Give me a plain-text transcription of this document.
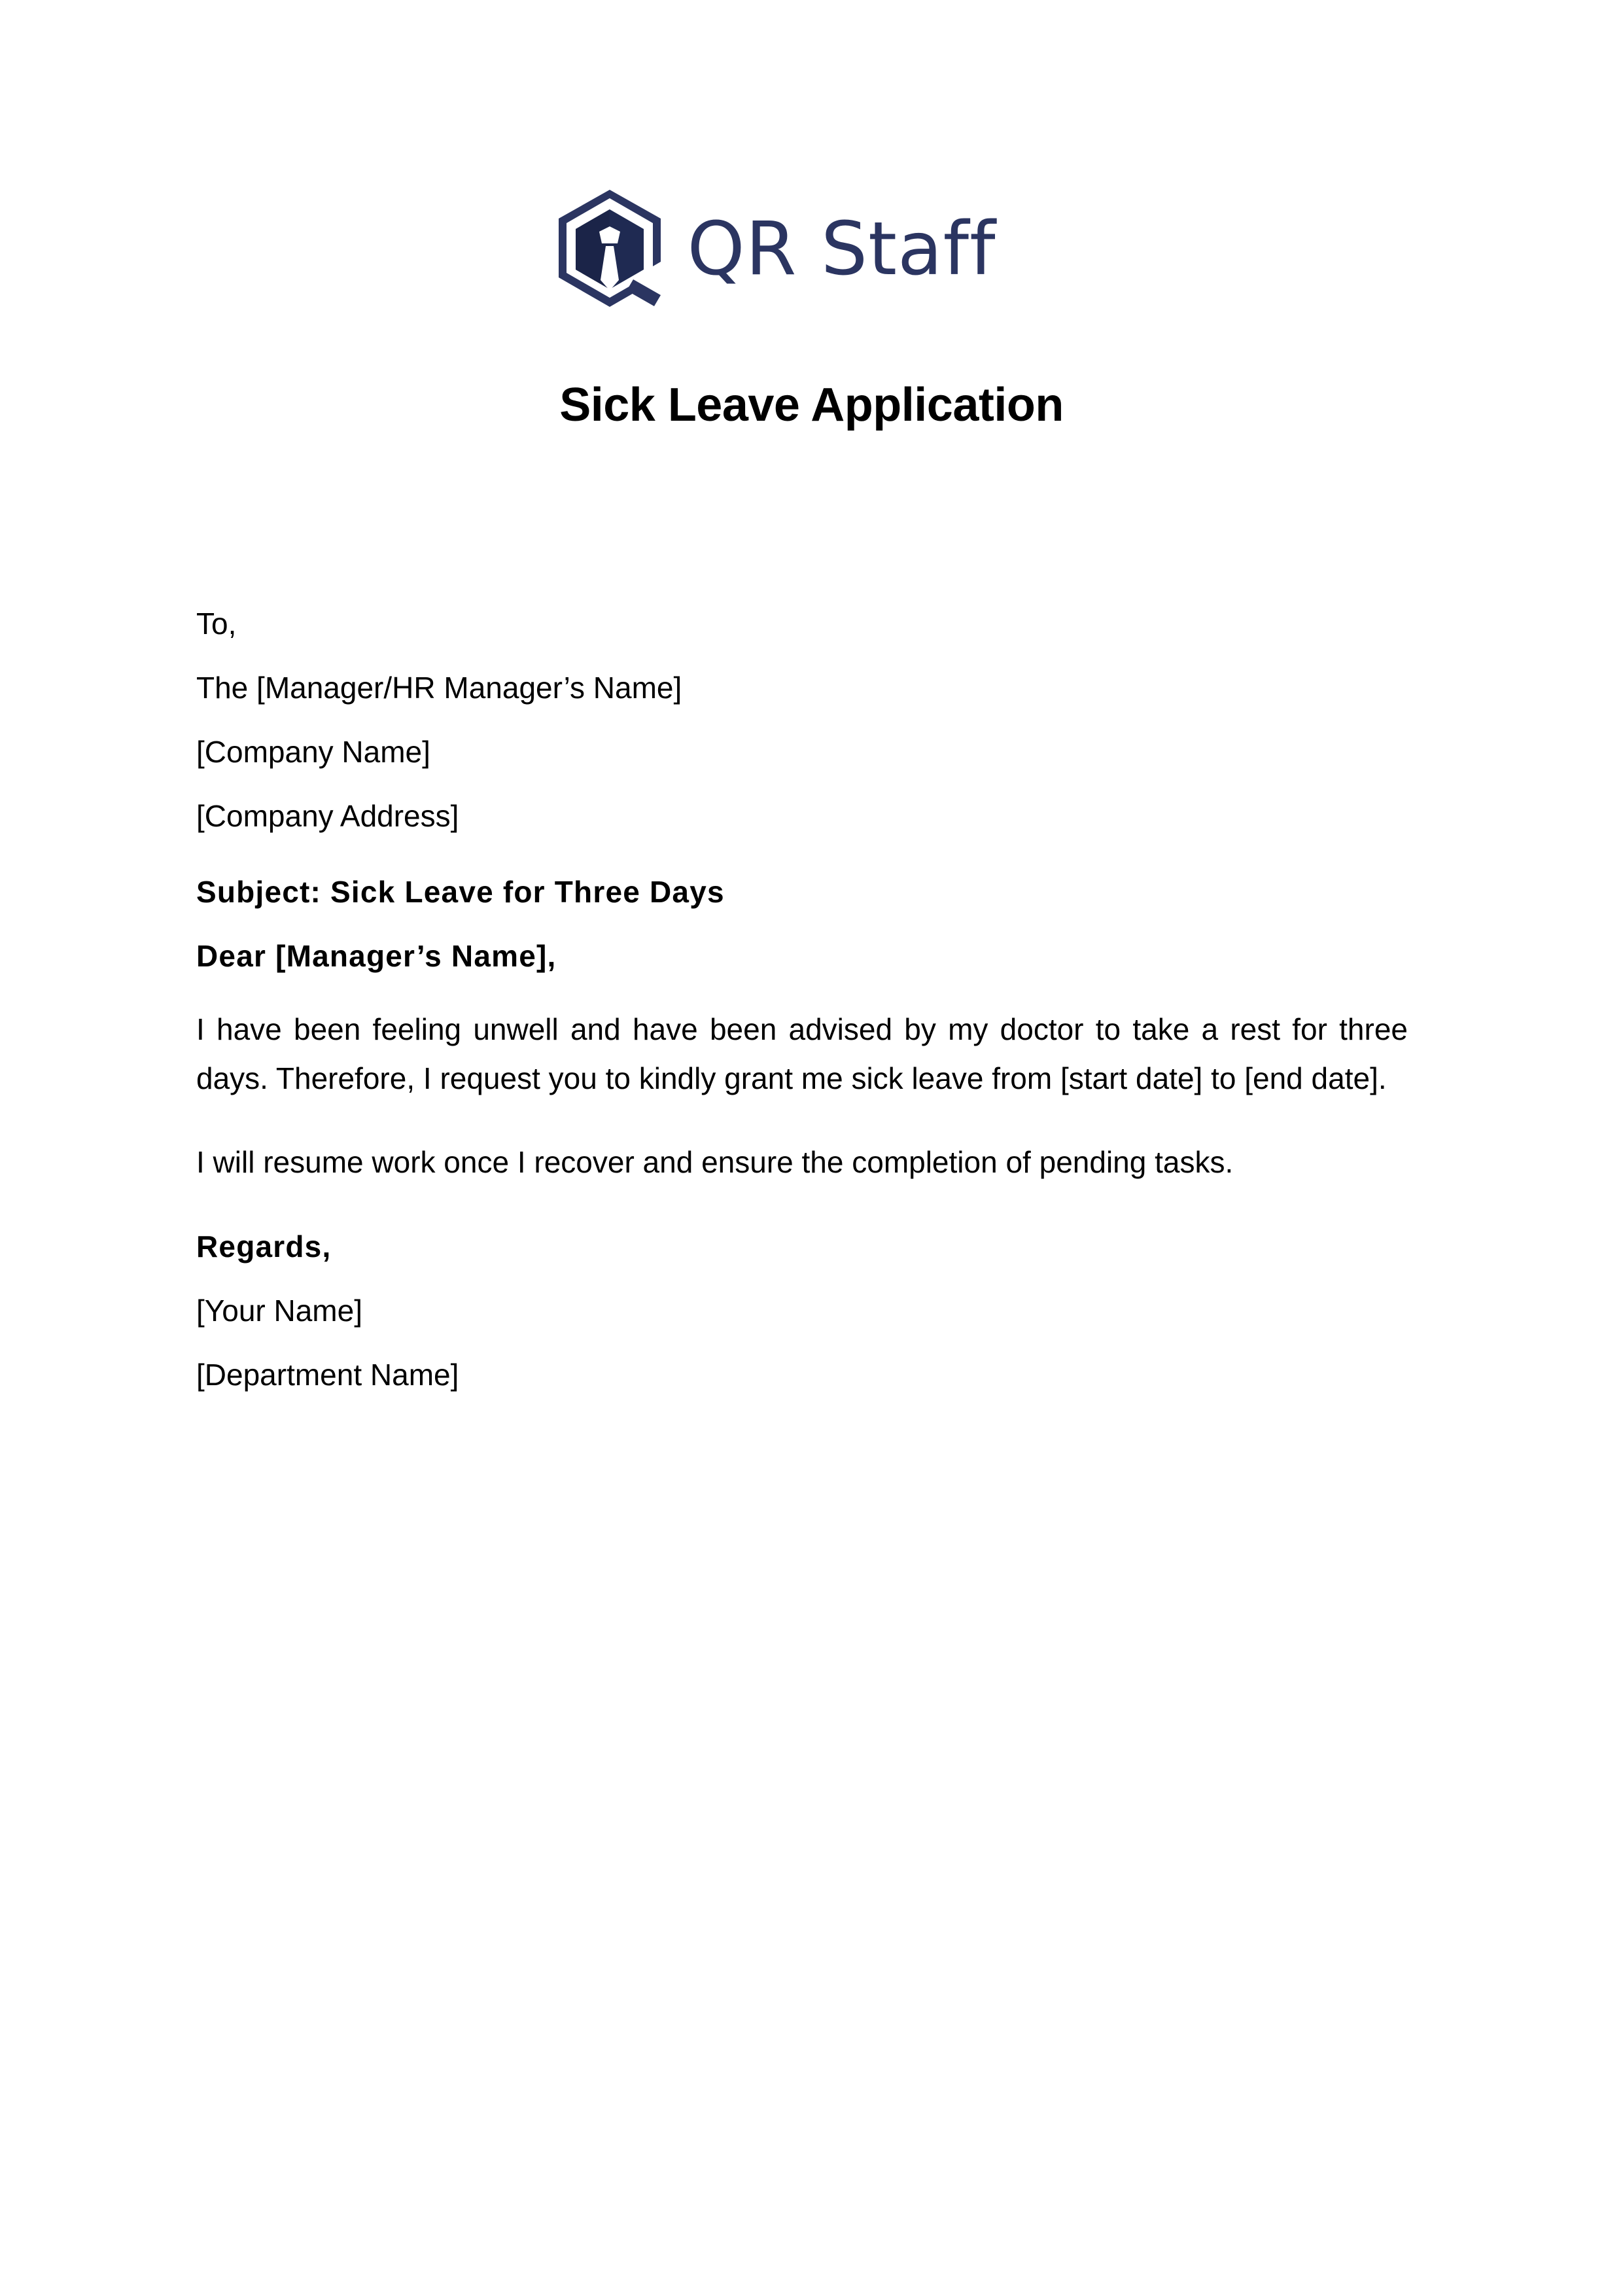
QR Staff
Sick Leave Application
To,
The [Manager/HR Manager’s Name]
[Company Name]
[Company Address]
Subject: Sick Leave for Three Days
Dear [Manager’s Name],

I have been feeling unwell and have been advised by my doctor to take a rest for three days. Therefore, I request you to kindly grant me sick leave from [start date] to [end date].

I will resume work once I recover and ensure the completion of pending tasks.

Regards,
[Your Name]
[Department Name]
